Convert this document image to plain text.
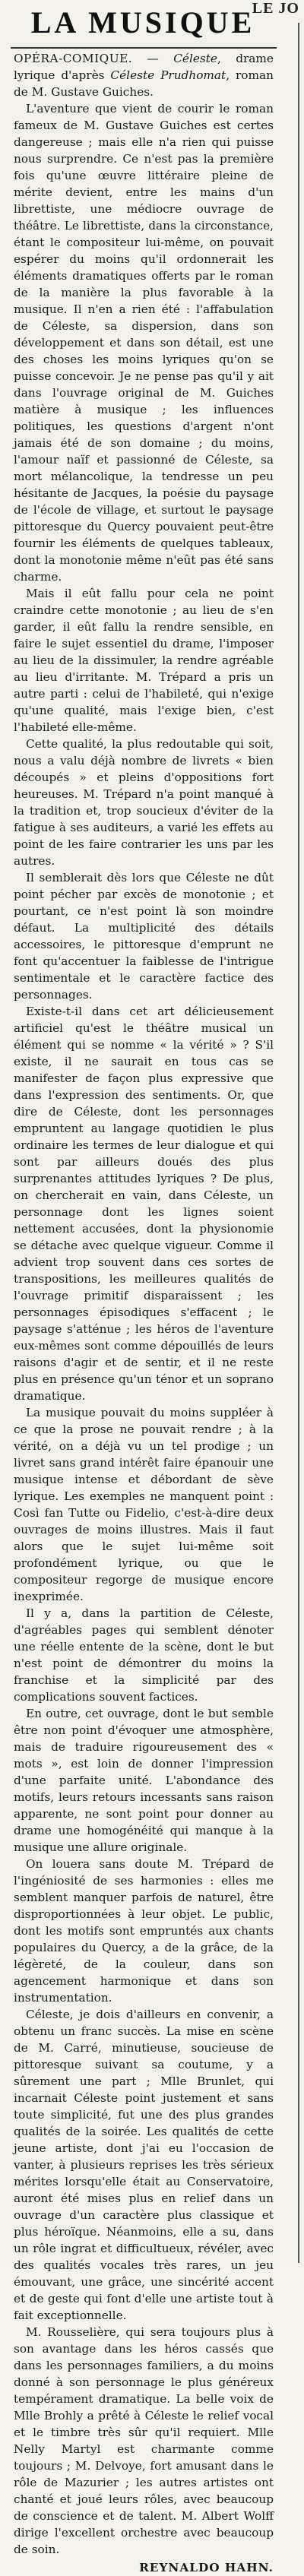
LE JO
LA MUSIQUE

OPÉRA-COMIQUE. — Céleste, drame lyrique d'après Céleste Prudhomat, roman de M. Gustave Guiches.

L'aventure que vient de courir le roman fameux de M. Gustave Guiches est certes dangereuse ; mais elle n'a rien qui puisse nous surprendre. Ce n'est pas la première fois qu'une œuvre littéraire pleine de mérite devient, entre les mains d'un librettiste, une médiocre ouvrage de théâtre. Le librettiste, dans la circonstance, étant le compositeur lui-même, on pouvait espérer du moins qu'il ordonnerait les éléments dramatiques offerts par le roman de la manière la plus favorable à la musique. Il n'en a rien été : l'affabulation de Céleste, sa dispersion, dans son développement et dans son détail, est une des choses les moins lyriques qu'on se puisse concevoir. Je ne pense pas qu'il y ait dans l'ouvrage original de M. Guiches matière à musique ; les influences politiques, les questions d'argent n'ont jamais été de son domaine ; du moins, l'amour naïf et passionné de Céleste, sa mort mélancolique, la tendresse un peu hésitante de Jacques, la poésie du paysage de l'école de village, et surtout le paysage pittoresque du Quercy pouvaient peut-être fournir les éléments de quelques tableaux, dont la monotonie même n'eût pas été sans charme.

Mais il eût fallu pour cela ne point craindre cette monotonie ; au lieu de s'en garder, il eût fallu la rendre sensible, en faire le sujet essentiel du drame, l'imposer au lieu de la dissimuler, la rendre agréable au lieu d'irritante. M. Trépard a pris un autre parti : celui de l'habileté, qui n'exige qu'une qualité, mais l'exige bien, c'est l'habileté elle-même.

Cette qualité, la plus redoutable qui soit, nous a valu déjà nombre de livrets « bien découpés » et pleins d'oppositions fort heureuses. M. Trépard n'a point manqué à la tradition et, trop soucieux d'éviter de la fatigue à ses auditeurs, a varié les effets au point de les faire contrarier les uns par les autres.

Il semblerait dès lors que Céleste ne dût point pécher par excès de monotonie ; et pourtant, ce n'est point là son moindre défaut. La multiplicité des détails accessoires, le pittoresque d'emprunt ne font qu'accentuer la faiblesse de l'intrigue sentimentale et le caractère factice des personnages.

Existe-t-il dans cet art délicieusement artificiel qu'est le théâtre musical un élément qui se nomme « la vérité » ? S'il existe, il ne saurait en tous cas se manifester de façon plus expressive que dans l'expression des sentiments. Or, que dire de Céleste, dont les personnages empruntent au langage quotidien le plus ordinaire les termes de leur dialogue et qui sont par ailleurs doués des plus surprenantes attitudes lyriques ? De plus, on chercherait en vain, dans Céleste, un personnage dont les lignes soient nettement accusées, dont la physionomie se détache avec quelque vigueur. Comme il advient trop souvent dans ces sortes de transpositions, les meilleures qualités de l'ouvrage primitif disparaissent ; les personnages épisodiques s'effacent ; le paysage s'atténue ; les héros de l'aventure eux-mêmes sont comme dépouillés de leurs raisons d'agir et de sentir, et il ne reste plus en présence qu'un ténor et un soprano dramatique.

La musique pouvait du moins suppléer à ce que la prose ne pouvait rendre ; à la vérité, on a déjà vu un tel prodige ; un livret sans grand intérêt faire épanouir une musique intense et débordant de sève lyrique. Les exemples ne manquent point : Così fan Tutte ou Fidelio, c'est-à-dire deux ouvrages de moins illustres. Mais il faut alors que le sujet lui-même soit profondément lyrique, ou que le compositeur regorge de musique encore inexprimée.

Il y a, dans la partition de Céleste, d'agréables pages qui semblent dénoter une réelle entente de la scène, dont le but n'est point de démontrer du moins la franchise et la simplicité par des complications souvent factices.

En outre, cet ouvrage, dont le but semble être non point d'évoquer une atmosphère, mais de traduire rigoureusement des « mots », est loin de donner l'impression d'une parfaite unité. L'abondance des motifs, leurs retours incessants sans raison apparente, ne sont point pour donner au drame une homogénéité qui manque à la musique une allure originale.

On louera sans doute M. Trépard de l'ingéniosité de ses harmonies : elles me semblent manquer parfois de naturel, être disproportionnées à leur objet. Le public, dont les motifs sont empruntés aux chants populaires du Quercy, a de la grâce, de la légèreté, de la couleur, dans son agencement harmonique et dans son instrumentation.

Céleste, je dois d'ailleurs en convenir, a obtenu un franc succès. La mise en scène de M. Carré, minutieuse, soucieuse de pittoresque suivant sa coutume, y a sûrement une part ; Mlle Brunlet, qui incarnait Céleste point justement et sans toute simplicité, fut une des plus grandes qualités de la soirée. Les qualités de cette jeune artiste, dont j'ai eu l'occasion de vanter, à plusieurs reprises les très sérieux mérites lorsqu'elle était au Conservatoire, auront été mises plus en relief dans un ouvrage d'un caractère plus classique et plus héroïque. Néanmoins, elle a su, dans un rôle ingrat et difficultueux, révéler, avec des qualités vocales très rares, un jeu émouvant, une grâce, une sincérité accent et de geste qui font d'elle une artiste tout à fait exceptionnelle.

M. Rousselière, qui sera toujours plus à son avantage dans les héros cassés que dans les personnages familiers, a du moins donné à son personnage le plus généreux tempérament dramatique. La belle voix de Mlle Brohly a prêté à Céleste le relief vocal et le timbre très sûr qu'il requiert. Mlle Nelly Martyl est charmante comme toujours ; M. Delvoye, fort amusant dans le rôle de Mazurier ; les autres artistes ont chanté et joué leurs rôles, avec beaucoup de conscience et de talent. M. Albert Wolff dirige l'excellent orchestre avec beaucoup de soin.

REYNALDO HAHN.
